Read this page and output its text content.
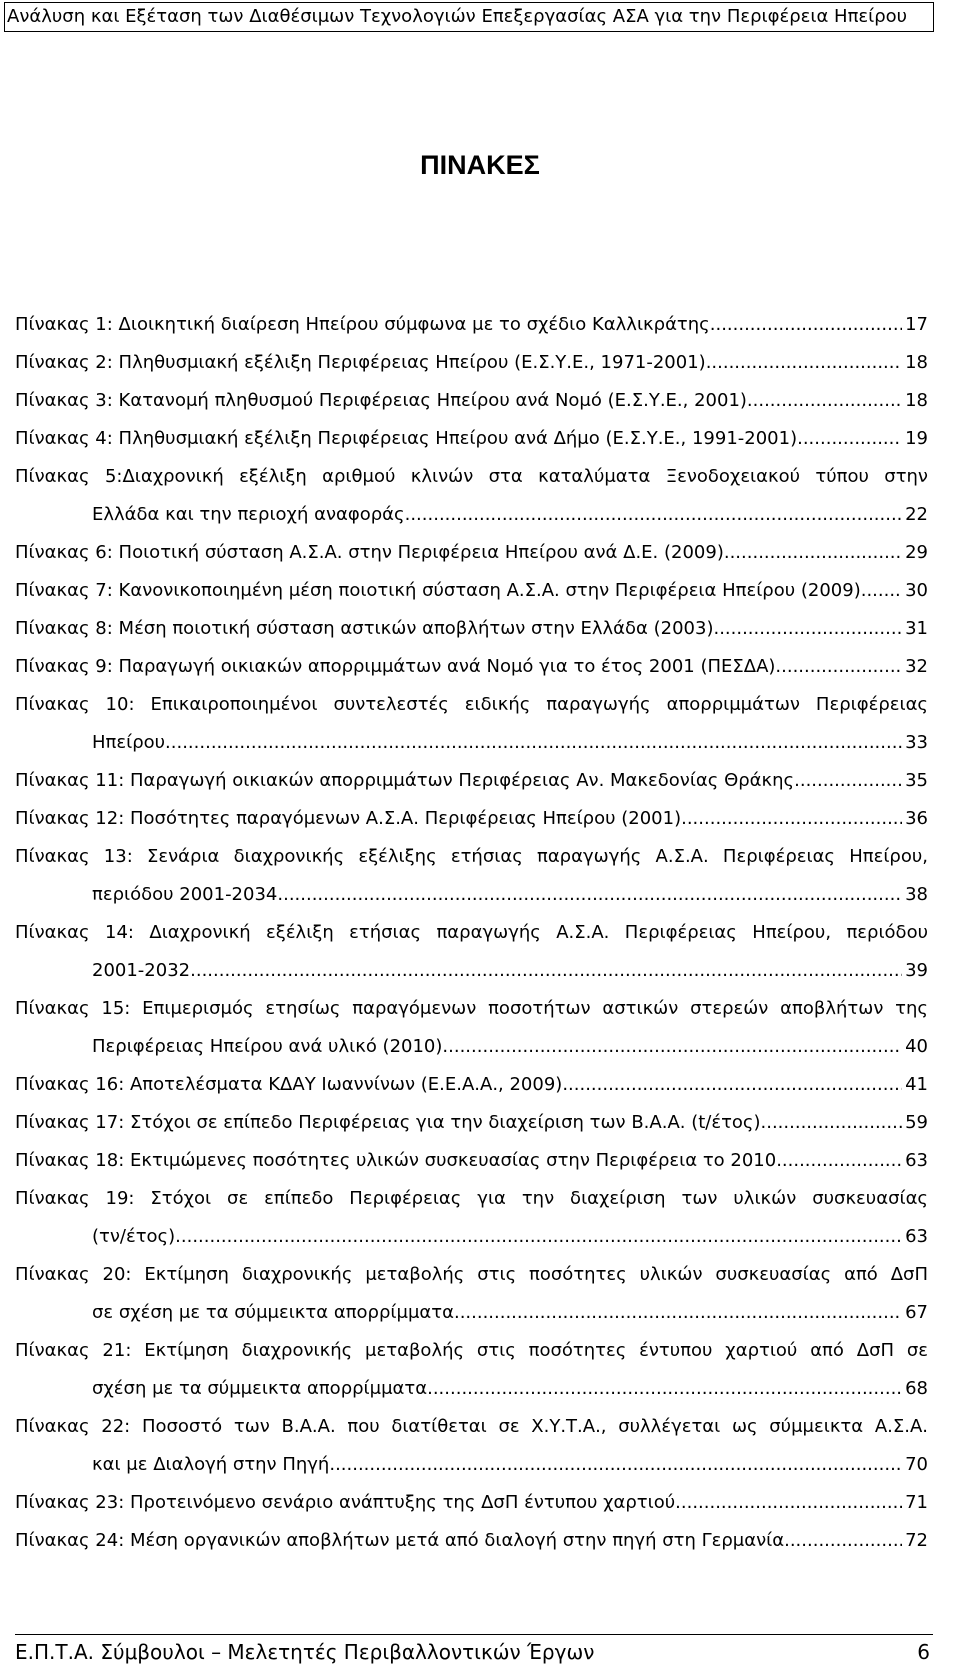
Ανάλυση και Εξέταση των Διαθέσιμων Τεχνολογιών Επεξεργασίας ΑΣΑ για την Περιφέρεια Ηπείρου
ΠΙΝΑΚΕΣ
Πίνακας 1: Διοικητική διαίρεση Ηπείρου σύμφωνα με το σχέδιο Καλλικράτης .....	17
Πίνακας 2: Πληθυσμιακή εξέλιξη Περιφέρειας Ηπείρου (Ε.Σ.Υ.Ε., 1971-2001) .....	18
Πίνακας 3: Κατανομή πληθυσμού Περιφέρειας Ηπείρου ανά Νομό (Ε.Σ.Υ.Ε., 2001) .....	18
Πίνακας 4: Πληθυσμιακή εξέλιξη Περιφέρειας Ηπείρου ανά Δήμο (Ε.Σ.Υ.Ε., 1991-2001) .....	19
Πίνακας 5:Διαχρονική εξέλιξη αριθμού κλινών στα καταλύματα Ξενοδοχειακού τύπου στην
Ελλάδα και την περιοχή αναφοράς .....	22
Πίνακας 6: Ποιοτική σύσταση Α.Σ.Α. στην Περιφέρεια Ηπείρου ανά Δ.Ε. (2009) .....	29
Πίνακας 7: Κανονικοποιημένη μέση ποιοτική σύσταση Α.Σ.Α. στην Περιφέρεια Ηπείρου (2009). ..... 30
Πίνακας 8: Μέση ποιοτική σύσταση αστικών αποβλήτων στην Ελλάδα (2003) .....	31
Πίνακας 9: Παραγωγή οικιακών απορριμμάτων ανά Νομό για το έτος 2001 (ΠΕΣΔΑ) .....	32
Πίνακας 10: Επικαιροποιημένοι συντελεστές ειδικής παραγωγής απορριμμάτων Περιφέρειας
Ηπείρου .....	33
Πίνακας 11: Παραγωγή οικιακών απορριμμάτων Περιφέρειας Αν. Μακεδονίας Θράκης .....	35
Πίνακας 12: Ποσότητες παραγόμενων Α.Σ.Α. Περιφέρειας Ηπείρου (2001) .....	36
Πίνακας 13: Σενάρια διαχρονικής εξέλιξης ετήσιας παραγωγής Α.Σ.Α. Περιφέρειας Ηπείρου,
περιόδου 2001-2034 .....	38
Πίνακας 14: Διαχρονική εξέλιξη ετήσιας παραγωγής Α.Σ.Α. Περιφέρειας Ηπείρου, περιόδου
2001-2032 .....	39
Πίνακας 15: Επιμερισμός ετησίως παραγόμενων ποσοτήτων αστικών στερεών αποβλήτων της
Περιφέρειας Ηπείρου ανά υλικό (2010) .....	40
Πίνακας 16: Αποτελέσματα ΚΔΑΥ Ιωαννίνων (Ε.Ε.Α.Α., 2009) .....	41
Πίνακας 17: Στόχοι σε επίπεδο Περιφέρειας για την διαχείριση των Β.Α.Α. (t/έτος) .....	59
Πίνακας 18: Εκτιμώμενες ποσότητες υλικών συσκευασίας στην Περιφέρεια το 2010 .....	63
Πίνακας 19: Στόχοι σε επίπεδο Περιφέρειας για την διαχείριση των υλικών συσκευασίας
(τν/έτος) .....	63
Πίνακας 20: Εκτίμηση διαχρονικής μεταβολής στις ποσότητες υλικών συσκευασίας από ΔσΠ
σε σχέση με τα σύμμεικτα απορρίμματα .....	67
Πίνακας 21: Εκτίμηση διαχρονικής μεταβολής στις ποσότητες έντυπου χαρτιού από ΔσΠ σε
σχέση με τα σύμμεικτα απορρίμματα .....	68
Πίνακας 22: Ποσοστό των Β.Α.Α. που διατίθεται σε Χ.Υ.Τ.Α., συλλέγεται ως σύμμεικτα Α.Σ.Α.
και με Διαλογή στην Πηγή .....	70
Πίνακας 23: Προτεινόμενο σενάριο ανάπτυξης της ΔσΠ έντυπου χαρτιού .....	71
Πίνακας 24: Μέση οργανικών αποβλήτων μετά από διαλογή στην πηγή στη Γερμανία .....	72
Ε.Π.Τ.Α. Σύμβουλοι – Μελετητές Περιβαλλοντικών Έργων	6
